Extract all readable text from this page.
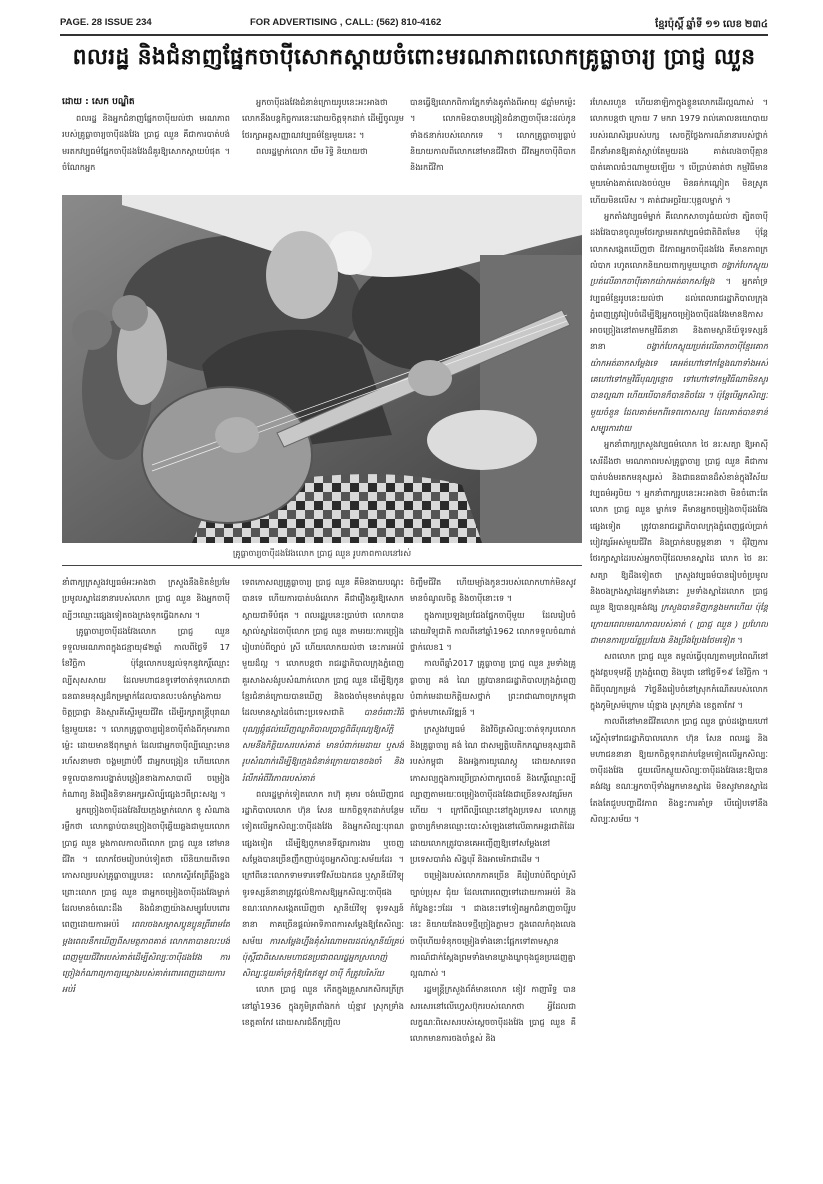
PAGE. 28 ISSUE 234	FOR ADVERTISING , CALL: (562) 810-4162	ខ្មែរប៉ុស្ដិ៍ ឆ្នាំទី ១១ លេខ ២៣៤
ពលរដ្ឋ និងជំនាញផ្នែកចាប៉ីសោកស្ដាយចំពោះមរណភាពលោកគ្រូធ្លាចារ្យ ប្រាជ្ញ ឈួន
ដោយ : សេក បណ្ឌិត

ពលរដ្ឋ និងអ្នកជំនាញផ្នែកចាប៉ីយល់ថា មរណភាពរបស់គ្រូធ្លាចារ្យចាប៉ីដងវែង ប្រាជ្ញ ឈួន គឺជាការបាត់បង់មរតកវប្បធម៌ផ្នែកចាប៉ីដងវែងដ៏គួរឱ្យសោកស្ដាយបំផុត ។ ចំណែកអ្នក

អ្នកចាប៉ីដងវែងជំនាន់ក្រោយរូបនេះអះអាងថា លោកនឹងបន្តកិច្ចការនេះដោយចិត្តទុកដាក់ ដើម្បីចូលរួមថែរក្សាអត្តសញ្ញាណវប្បធម៌ខ្មែរមួយនេះ ។

ពលរដ្ឋម្នាក់លោក យឹម រិទ្ធិ និយាយថា

បានធ្វើឱ្យលោកពិការភ្នែកទាំងគូតាំងពីអាយុ ៨ឆ្នាំមកម្ល៉េះ ។ លោកមិនបានបង្រៀនជំនាញចាប៉ីនេះដល់កូនទាំង៥នាក់របស់លោកទេ ។ លោកគ្រូធ្លាចារ្យធ្លាប់និយាយកាលពីលោកនៅមានជីវិតថា ជីវិតអ្នកចាប៉ីពិបាក និងរកជីវិកា

រហែសរហួន ហើយនាឡិកាក្នុងខ្លួនលោកដើរល្អណាស់ ។ លោកបន្តថា ក្រោយ 7 មករា 1979 រាល់គោលនយោបាយរបស់រណសិរ្សរបស់បក្ស សេចក្ដីថ្លែងការណ៍នានារបស់ថ្នាក់ដឹកនាំអានឱ្យគាត់ស្ដាប់តែមួយដង គាត់លេងចាប៉ីគ្មានបាត់គោលធំៗណាមួយឡើយ ។ បើប្រាប់គាត់ថា កម្មវិធីមានមួយម៉ោងគាត់លេងចប់ល្មម មិនឆក់កណ្ដៀត មិនស្រូត ហើយមិនលើស ។ គាត់ជាអច្ឆរិយៈបុគ្គលម្នាក់ ។

អ្នកតាំងវប្បធម៌ម្នាក់ គឺលោកសាចារូធំយល់ថា ត្បិតចាប៉ីដងវែងបានចូលរួមថែរក្សាមរតកវប្បធម៌ជាតិពិតមែន ប៉ុន្តែលោកសង្កេតឃើញថា ជីវភាពអ្នកចាប៉ីដងវែង គឺមានភាពក្រលំបាក រហូតលោកនិយាយពាក្យមួយឃ្លាថា ចង្វាក់បែកស្លុយ ប្រត់លើឆាកចាប៉ីគោកយ៉ាកអត់ឆាកសម្ដែង ។ អ្នកគាំទ្រវប្បធម៌ខ្មែររូបនេះយល់ថា ដល់ពេលរាជរដ្ឋាភិបាលក្រុងភ្នំពេញត្រូវរៀបចំដើម្បីឱ្យអ្នកចម្រៀងចាប៉ីដងវែងមានឱកាសអាចច្រៀងនៅតាមកម្មវិធីនានា និងតាមស្ថានីយ៍ទូរទស្សន៍នានា ចង្វាក់បែកស្លុយប្រត់លើឆាកចាប៉ីខ្មែរគោកយ៉ាកអត់ឆាកសម្ដែងទេ គេអត់ហៅទៅកន្លែងណាទាំងអស់ គេហៅទៅកម្មវិធីបុណ្យខ្មោច ទៅហៅទៅកម្មវិធីណាមិនសូវបានល្អណា ហើយបើបានក៏បានតិចដែរ ។ ប៉ុន្តែបើអ្នកសិល្បៈមួយចំនួន ដែលគាត់មកពីទេពកោសល្យ ដែលគាត់បានទាន់សម្បូរការវាយ

អ្នកនាំពាក្យក្រសួងវប្បធម៌លោក ថៃ នរៈសត្យា ឱ្យអាស៊ីសេរីដឹងថា មរណភាពរបស់គ្រូធ្លាចារ្យ ប្រាជ្ញ ឈួន គឺជាការបាត់បង់មរតកមនុស្សរស់ និងជាធនធានដ៏សំខាន់ក្នុងវិស័យវប្បធម៌អរូបិយ ។ អ្នកនាំពាក្យរូបនេះអះអាងថា មិនចំពោះតែលោក ប្រាជ្ញ ឈួន ម្នាក់ទេ គឺមានអ្នកចម្រៀងចាប៉ីដងវែងផ្សេងទៀត ត្រូវបានរាជរដ្ឋាភិបាលក្រុងភ្នំពេញផ្ដល់ប្រាក់បៀវត្សរ៍អស់មួយជីវិត និងប្រាក់ឧបត្ថម្ភនានា ។ ជុំវិញការថែរក្សាស្នាដៃរបស់អ្នកចាប៉ីដែលមានស្នាដៃ លោក ថៃ នរៈសត្យា ឱ្យដឹងទៀតថា ក្រសួងវប្បធម៌បានរៀបចំប្រមូល និងចងក្រងស្នាដៃអ្នកទាំងនោះ រួមទាំងស្នាដៃលោក ប្រាជ្ញ ឈួន ឱ្យបានល្អគង់វង្ស ក្រសួងបានទិញកន្លងមកហើយ ប៉ុន្តែក្រោយពេលមរណភាពរបស់គាត់ ( ប្រាជ្ញ ឈួន ) ប្រហែលជាមានការប្រយ័ត្នប្រយែង និងប្រឹងប្រែងថែមទៀត ។

សពលោក ប្រាជ្ញ ឈួន តម្កល់ធ្វើបុណ្យតាមប្រពៃណីនៅក្នុងវត្តបទុមវត្តី ក្រុងភ្នំពេញ និងបូជា នៅថ្ងៃទី១៩ ខែវិច្ឆិកា ។ ពិធីបុណ្យកម្រង់ 7ថ្ងៃនឹងរៀបចំនៅស្រុកកំណើតរបស់លោកក្នុងភូមិស្រម៉ក្រោម ឃុំខ្នាង ស្រុកទ្រាំង ខេត្តតាកែវ ។

កាលពីនៅមានជីវិតលោក ប្រាជ្ញ ឈួន ធ្លាប់ដង្ហោយហៅស្នើសុំទៅរាជរដ្ឋាភិបាលលោក ហ៊ុន សែន ពលរដ្ឋ និងមហាជននានា ឱ្យយកចិត្តទុកដាក់បន្ថែមទៀតលើអ្នកសិល្បៈចាប៉ីដងវែង ជួយលើកស្ទួយសិល្បៈចាប៉ីដងវែងនេះឱ្យបានគង់វង្ស ខណៈអ្នកចាប៉ីទាំងអ្នកមានស្នាដៃ មិនសូវមានស្នាដៃតែងតែជួបបញ្ហាជីវភាព និងខ្វះការគាំទ្រ បើធៀបទៅនឹងសិល្បៈសម័យ ។

គ្រូធ្លាចារ្យចាប៉ីដងវែងលោក ប្រាជ្ញ ឈួន រូបភាពកាលនៅរស់

នាំពាក្យក្រសួងវប្បធម៌អះអាងថា ក្រសួងនឹងខិតខំប្រមែប្រមូលស្នាដៃនានារបស់លោក ប្រាជ្ញ ឈួន និងអ្នកចាប៉ីល្បីៗឈ្មោះផ្សេងទៀតចងក្រងទុកធ្វើឯកសារ ។

គ្រូធ្លាចារ្យចាប៉ីដងវែងលោក ប្រាជ្ញ ឈួន ទទួលមរណភាពក្នុងជន្មាយុ៨២ឆ្នាំ កាលពីថ្ងៃទី 17 ខែវិច្ឆិកា ប៉ុន្តែលោកបន្សល់ទុកនូវកេរ្តិ៍ឈ្មោះល្បីសុសសាយ ដែលមហាជនទូទៅចាត់ទុកលោកជាធនធានមនុស្សដ៏កម្រម្នាក់ដែលបានលះបង់កម្លាំងកាយចិត្តប្រាជ្ញា និងស្មារតីស្ទើរមួយជីវិត ដើម្បីរក្សាតន្ត្រីបុរាណខ្មែរមួយនេះ ។ លោកគ្រូធ្លាចារ្យរៀនចាប៉ីតាំងពីកុមារភាពម្ល៉េះ ដោយមានឪពុកម្នាក់ ដែលជាអ្នកចាប៉ីល្បីឈ្មោះមានរហ័សនាមថា ចង្គមព្រាប់ប៊ី ជាអ្នកបង្រៀន ហើយលោកទទួលបានការបង្ហាត់បង្រៀនខាងភាសាបាលី ចម្រៀង កំណាព្យ និងរឿងនិទានអក្សរសិល្ប៍ផ្សេងៗពីព្រះសង្ឃ ។

អ្នកច្រៀងចាប៉ីដងវែងវ័យក្មេងម្នាក់លោក ខូ សំណាង រម្លឹកថា លោកធ្លាប់បានច្រៀងចាប៉ីឆ្លើយឆ្លងជាមួយលោក ប្រាជ្ញ ឈួន ម្ដងកាលកាលពីលោក ប្រាជ្ញ ឈួន នៅមានជីវិត ។ លោកថែមរៀបរាប់ទៀតថា បើនិយាយពីទេពកោសល្យរបស់គ្រូធ្លាចារ្យរូបនេះ លោកស្ទើរតែព្រឺឆ្អឹងខ្នង ព្រោះលោក ប្រាជ្ញ ឈួន ជាអ្នកចម្រៀងចាប៉ីដងវែងម្នាក់ ដែលមានចំណេះដឹង និងជំនាញយ៉ាងសម្បូរបែបពោរពេញដោយការអប់រំ ពេលចងសម្ដាសប្ដូនប្អូនព្រឺរោមតែម្ដងពេលនឹកឃើញពីសមត្ថភាពគាត់ លោកតាបានលះបង់ពេញមួយជីវិតរបស់គាត់ដើម្បីសិល្បៈចាប៉ីដងវែង ការច្រៀងកំណាព្យកាព្យឃ្លោងរបស់គាត់ពោរពេញដោយការអប់រំ

ទេពកោសល្យគ្រូធ្លាចារ្យ ប្រាជ្ញ ឈួន គឺមិនងាយបណ្ដុះបានទេ ហើយការបាត់បង់លោក គឺជារឿងគួរឱ្យសោកស្ដាយជាទីបំផុត ។ ពលរដ្ឋរូបនេះប្រាប់ថា លោកបានស្គាល់ស្នាដៃចាប៉ីលោក ប្រាជ្ញ ឈួន តាមរយៈការច្រៀងរៀបរាប់ពីច្បាប់ ស្រី ហើយលោកយល់ថា នេះការអប់រំមួយដ៏ល្អ ។ លោកបន្តថា រាជរដ្ឋាភិបាលក្រុងភ្នំពេញគួរសាងសង់រូបសំណាក់លោក ប្រាជ្ញ ឈួន ដើម្បីឱ្យកូនខ្មែរជំនាន់ក្រោយបានឃើញ និងចងចាំមុខមាត់បុគ្គល ដែលមានស្នាដៃចំពោះប្រទេសជាតិ បានចំពោះវិធីបុណ្យឆ្កុំផល់ឃើញឈ្លាតិបាលប្រាជ្ញពិធីបុណ្យឱ្យស័ក្តិសមនឹងកិត្តិយសរបស់គាត់ មានបំពាក់មេដាយ ឬសង់រូបសំណាក់ដើម្បីឱ្យក្មេងជំនាន់ក្រោយបានចងចាំ និងរំលឹកអំពីវីរភាពរបស់គាត់

ពលរដ្ឋម្នាក់ទៀតលោក រាហ៊ុ គុមារ ចង់ឃើញរាជរដ្ឋាភិបាលលោក ហ៊ុន សែន យកចិត្តទុកដាក់បន្ថែមទៀតលើអ្នកសិល្បៈចាប៉ីដងវែង និងអ្នកសិល្បៈបុរាណផ្សេងទៀត ដើម្បីឱ្យពួកមានទីផ្សារការងារ ឬចេញសម្ដែងបានច្រើនញឹកញាប់ដូចអ្នកសិល្បៈសម័យដែរ ។ ក្រៅពីនេះលោកទាមទារទៅវិស័យឯកជន ឬស្ថានីយ៍វិទ្យុ ទូរទស្សន៍នានាត្រូវផ្ដល់ឱកាសឱ្យអ្នកសិល្បៈចាប៉ីផង ខណៈលោកសង្កេតឃើញថា ស្ថានីយ៍វិទ្យុ ទូរទស្សន៍នានា ភាគច្រើនផ្ដល់អាទិភាពការសម្ដែងឱ្យតែសិល្បៈសម័យ ការសម្ដែងហ្នឹងគុំសំណោមពរដល់ស្ថានីយ៍គ្រប់ប៉ុស្តិ៍ជាពិសេសមហាជនប្រជាពលរដ្ឋអ្នកស្រលាញ់សិល្បៈជួយគាំទ្រកុំឱ្យតែឥឡូវ ចាប៉ី ក៏ត្រូវបរិស័យ

លោក ប្រាជ្ញ ឈួន កើតក្នុងគ្រួសារកសិករក្រីក្រ នៅឆ្នាំ1936 ក្នុងភូមិត្រពាំងកក់ ឃុំខ្នាវ ស្រុកទ្រាំង ខេត្តតាកែវ ដោយសារជំងឺកញ្ជ្រិល

ចិញ្ចឹមជីវិត ហើយម្យ៉ាងកូនៗរបស់លោកហាក់មិនសូវមានចំណូលចិត្ត និងចាប៉ីនោះទេ ។

ក្នុងការប្រឡងប្រជែងផ្នែកចាប៉ីមួយ ដែលរៀបចំដោយវិទ្យុជាតិ កាលពីនៅឆ្នាំ1962 លោកទទួលចំណាត់ថ្នាក់លេខ1 ។

កាលពីឆ្នាំ2017 គ្រូធ្លាចារ្យ ប្រាជ្ញ ឈួន រួមទាំងគ្រូធ្លាចារ្យ គង់ ណៃ ត្រូវបានរាជរដ្ឋាភិបាលក្រុងភ្នំពេញបំពាក់មេដាយកិត្តិយសថ្នាក់ ព្រះរាជាណាចក្រកម្ពុជា ថ្នាក់មហាសេរីវឌ្ឍន៍ ។

ក្រសួងវប្បធម៌ និងវិចិត្រសិល្បៈចាត់ទុករូបលោក និងគ្រូធ្លាចារ្យ គង់ ណៃ ជាសម្បត្តិបេតិកភណ្ឌមនុស្សជាតិរបស់កម្ពុជា និងអង្គការយូណេស្កូ ដោយសារទេពកោសល្យក្នុងការប្រើប្រាស់ពាក្យពេចន៍ និងកេរ្តិ៍ឈ្មោះល្បីល្បាញតាមរយៈចម្រៀងចាប៉ីដងវែងជាច្រើនទសវត្សរ៍មកហើយ ។ ក្រៅពីល្បីឈ្មោះនៅក្នុងប្រទេស លោកគ្រូធ្លាចារ្យក៏មានឈ្មោះបោះសំឡេងនៅលើឆាកអន្តរជាតិដែរ ដោយលោកត្រូវបានគេអញ្ជើញឱ្យទៅសម្ដែងនៅប្រទេសបារាំង សិង្ហបុរី និងអាមេរិកជាដើម ។

ចម្រៀងរបស់លោកភាគច្រើន គឺរៀបរាប់ពីច្បាប់ស្រី ច្បាប់ប្រុស ជុំយ ដែលពោរពេញទៅដោយការអប់រំ និងកំប្លែងខ្លះៗដែរ ។ ជាងនេះទៅទៀតអ្នកជំនាញចាប៉ីរូបនេះ និយាយតែងបទថ្មីច្រៀងភ្លាមៗ ក្នុងពេលកំពុងលេងចាប៉ីហើយទំនុកចម្រៀងទាំងនោះផ្អែកទៅតាមស្ថានការណ៍ជាក់ស្ដែងព្រមទាំងមានឃ្លាងឃ្លាចុងជួនប្រដេញគ្នាល្អណាស់ ។

រដ្ឋមន្ត្រីក្រសួងព័ត៌មានលោក ខៀវ កាញារីទ្ធ បានសរសេរនៅលើហ្វេសប៊ុករបស់លោកថា អ្វីដែលជាលក្ខណៈពិសេសរបស់ស្ដេចចាប៉ីដងវែង ប្រាជ្ញ ឈួន គឺលោកមានការចងចាំខ្ពស់ និង
